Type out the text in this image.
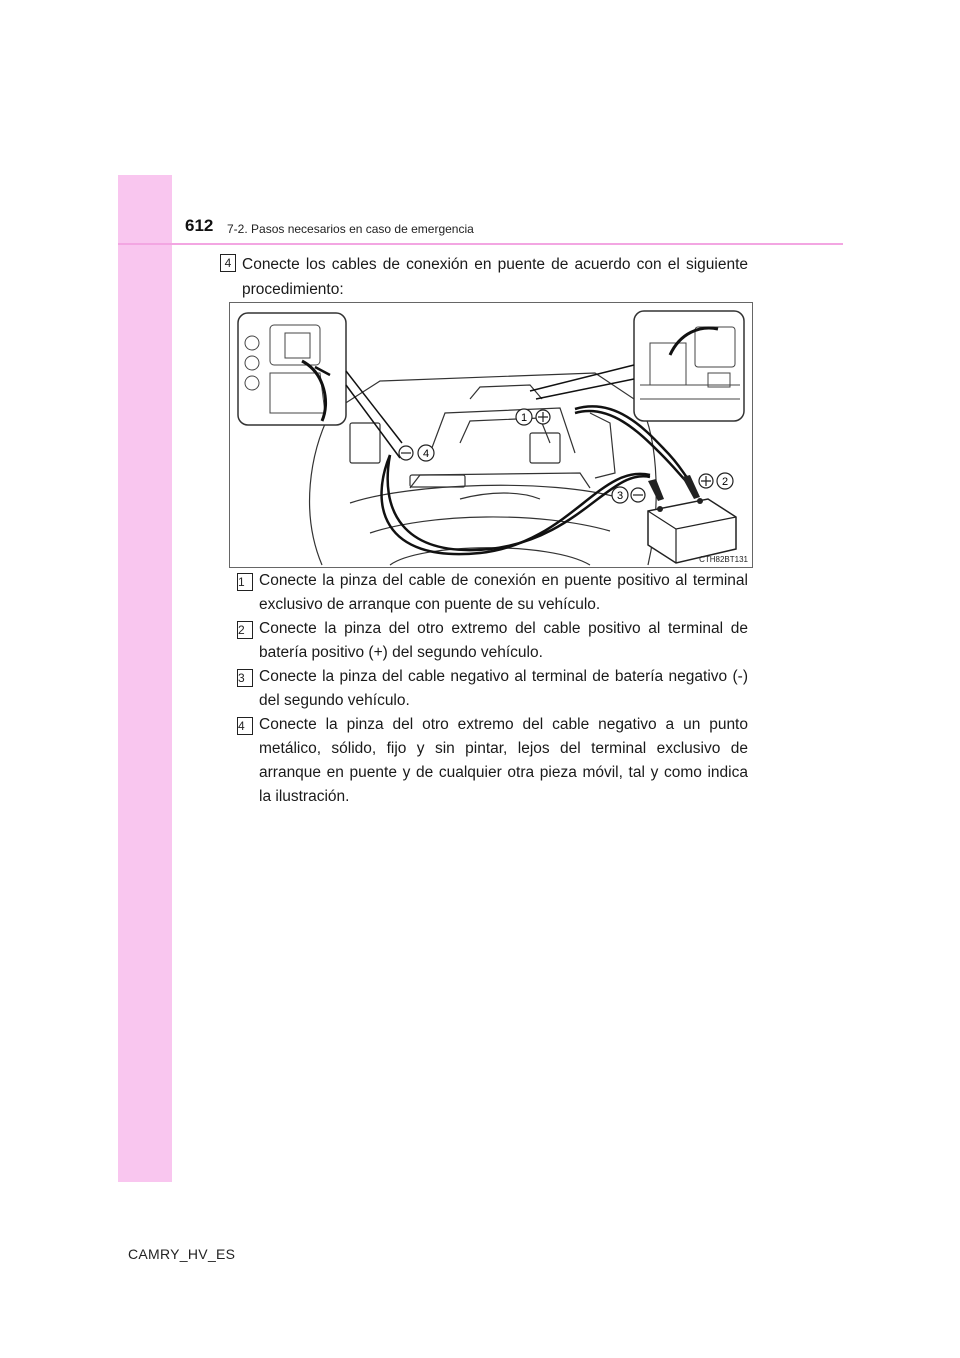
612 7-2. Pasos necesarios en caso de emergencia
4 Conecte los cables de conexión en puente de acuerdo con el siguiente procedimiento:
1
2
3
4
CTH82BT131
1 Conecte la pinza del cable de conexión en puente positivo al terminal exclusivo de arranque con puente de su vehículo.
2 Conecte la pinza del otro extremo del cable positivo al terminal de batería positivo (+) del segundo vehículo.
3 Conecte la pinza del cable negativo al terminal de batería negativo (-) del segundo vehículo.
4 Conecte la pinza del otro extremo del cable negativo a un punto metálico, sólido, fijo y sin pintar, lejos del terminal exclusivo de arranque en puente y de cualquier otra pieza móvil, tal y como indica la ilustración.
CAMRY_HV_ES
